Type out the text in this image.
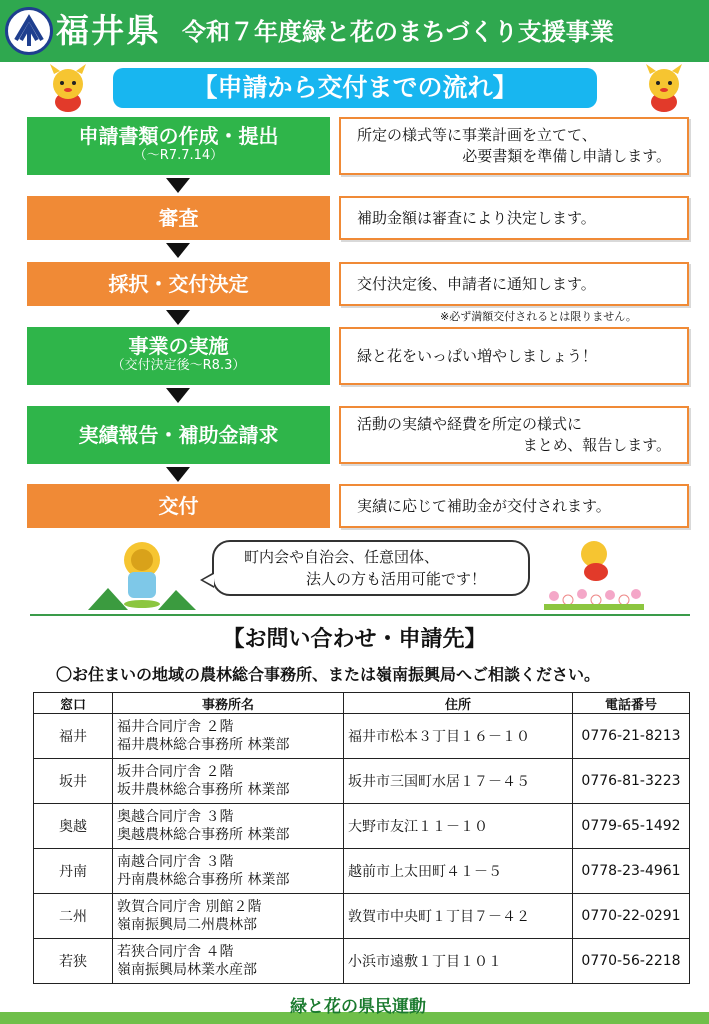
福井県 令和７年度緑と花のまちづくり支援事業
【申請から交付までの流れ】
申請書類の作成・提出
（～R7.7.14）
所定の様式等に事業計画を立てて、
必要書類を準備し申請します。
審査	補助金額は審査により決定します。
採択・交付決定	交付決定後、申請者に通知します。
※必ず満額交付されるとは限りません。
事業の実施
（交付決定後～R8.3）
緑と花をいっぱい増やしましょう！
実績報告・補助金請求	活動の実績や経費を所定の様式に
まとめ、報告します。
交付	実績に応じて補助金が交付されます。
町内会や自治会、任意団体、
法人の方も活用可能です！
【お問い合わせ・申請先】
〇お住まいの地域の農林総合事務所、または嶺南振興局へご相談ください。
窓口	事務所名	住所	電話番号
福井	福井合同庁舎 ２階
福井農林総合事務所 林業部	福井市松本３丁目１６－１０	0776-21-8213
坂井	坂井合同庁舎 ２階
坂井農林総合事務所 林業部	坂井市三国町水居１７－４５	0776-81-3223
奥越	奥越合同庁舎 ３階
奥越農林総合事務所 林業部	大野市友江１１－１０	0779-65-1492
丹南	南越合同庁舎 ３階
丹南農林総合事務所 林業部	越前市上太田町４１－５	0778-23-4961
二州	敦賀合同庁舎 別館２階
嶺南振興局二州農林部	敦賀市中央町１丁目７－４２	0770-22-0291
若狭	若狭合同庁舎 ４階
嶺南振興局林業水産部	小浜市遠敷１丁目１０１	0770-56-2218
緑と花の県民運動
